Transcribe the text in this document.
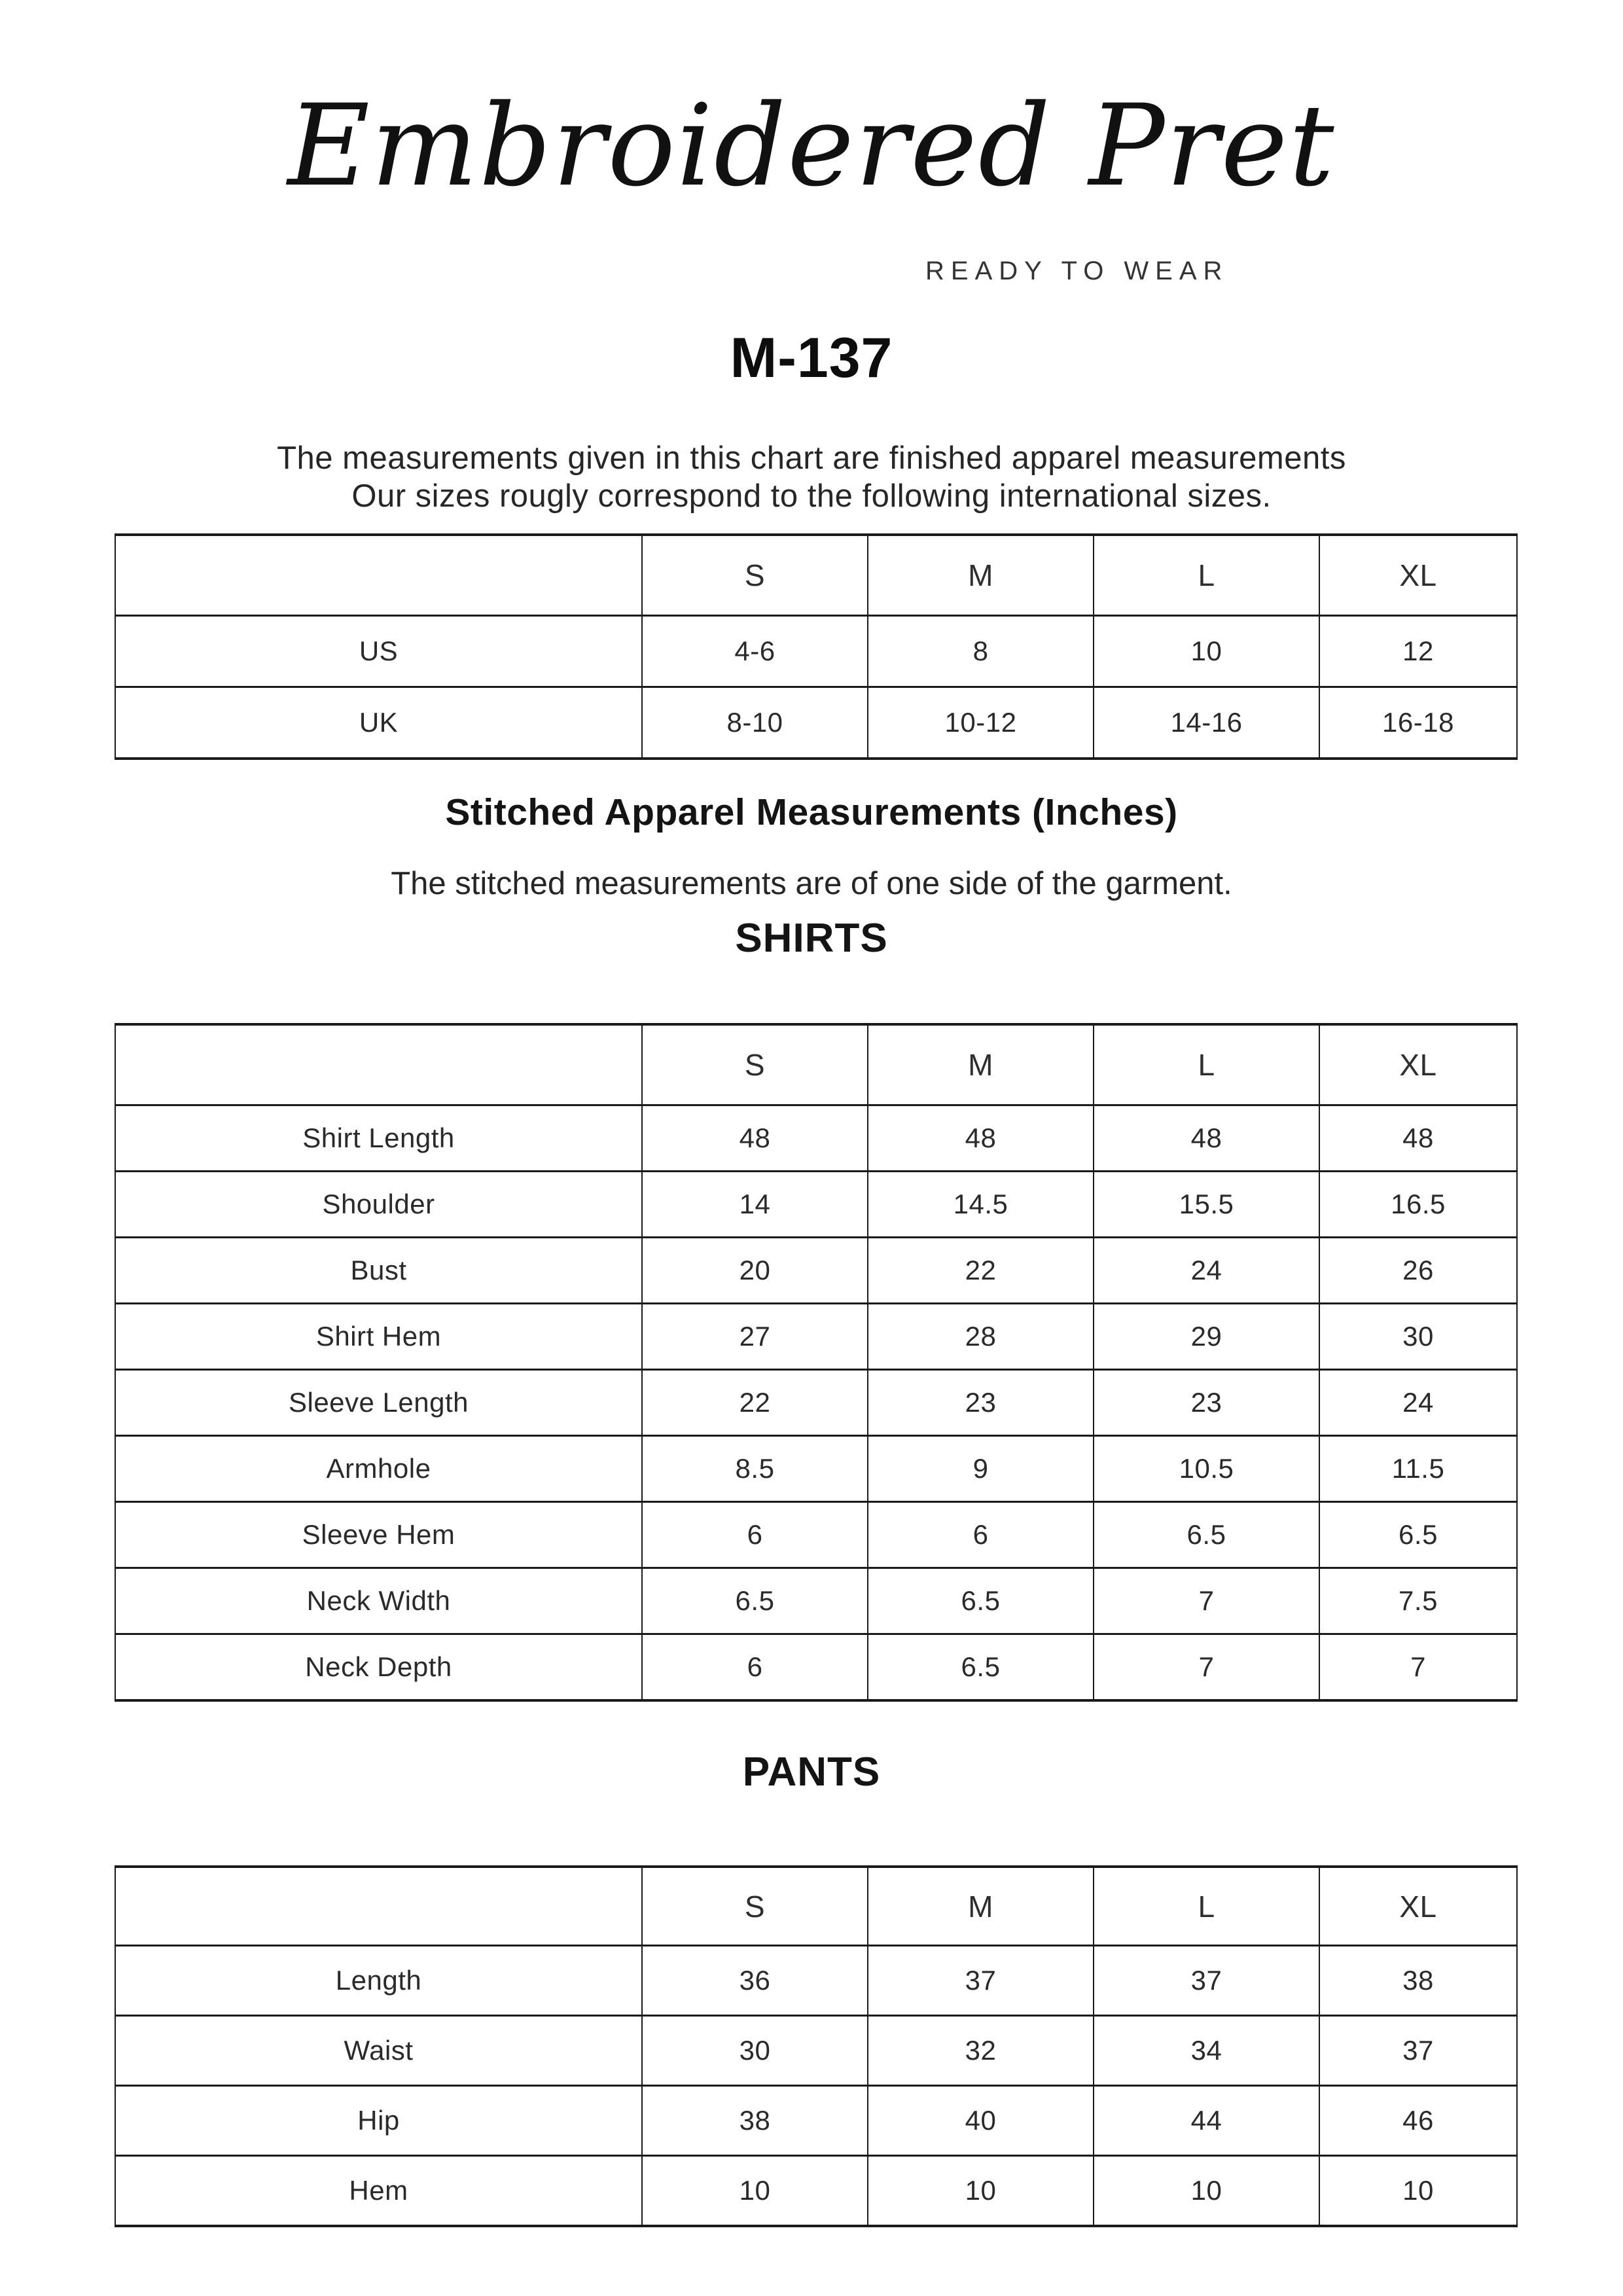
Embroidered Pret
READY TO WEAR
M-137

The measurements given in this chart are finished apparel measurements

Our sizes rougly correspond to the following international sizes.

	S	M	L	XL
US	4-6	8	10	12
UK	8-10	10-12	14-16	16-18
Stitched Apparel Measurements (Inches)

The stitched measurements are of one side of the garment.

SHIRTS
	S	M	L	XL
Shirt Length	48	48	48	48
Shoulder	14	14.5	15.5	16.5
Bust	20	22	24	26
Shirt Hem	27	28	29	30
Sleeve Length	22	23	23	24
Armhole	8.5	9	10.5	11.5
Sleeve Hem	6	6	6.5	6.5
Neck Width	6.5	6.5	7	7.5
Neck Depth	6	6.5	7	7
PANTS
	S	M	L	XL
Length	36	37	37	38
Waist	30	32	34	37
Hip	38	40	44	46
Hem	10	10	10	10
